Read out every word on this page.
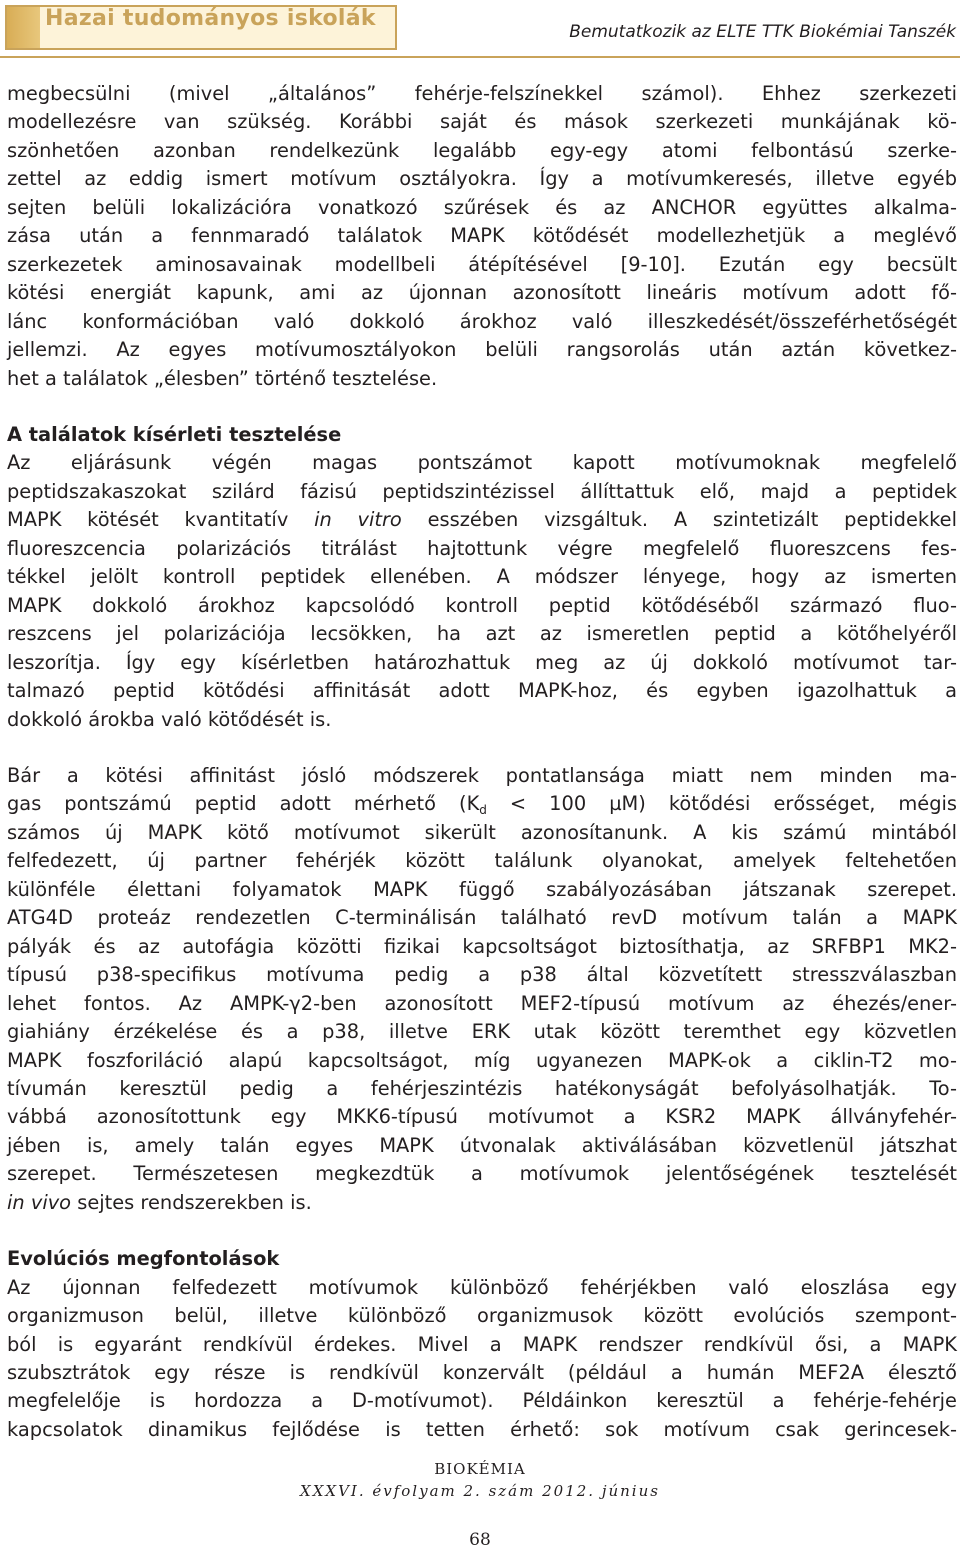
Hazai tudományos iskolák
Bemutatkozik az ELTE TTK Biokémiai Tanszék
megbecsülni (mivel „általános” fehérje-felszínekkel számol). Ehhez szerkezeti
modellezésre van szükség. Korábbi saját és mások szerkezeti munkájának kö-
szönhetően azonban rendelkezünk legalább egy-egy atomi felbontású szerke-
zettel az eddig ismert motívum osztályokra. Így a motívumkeresés, illetve egyéb
sejten belüli lokalizációra vonatkozó szűrések és az ANCHOR együttes alkalma-
zása után a fennmaradó találatok MAPK kötődését modellezhetjük a meglévő
szerkezetek aminosavainak modellbeli átépítésével [9-10]. Ezután egy becsült
kötési energiát kapunk, ami az újonnan azonosított lineáris motívum adott fő-
lánc konformációban való dokkoló árokhoz való illeszkedését/összeférhetőségét
jellemzi. Az egyes motívumosztályokon belüli rangsorolás után aztán következ-
het a találatok „élesben” történő tesztelése.
A találatok kísérleti tesztelése
Az eljárásunk végén magas pontszámot kapott motívumoknak megfelelő
peptidszakaszokat szilárd fázisú peptidszintézissel állíttattuk elő, majd a peptidek
MAPK kötését kvantitatív in vitro esszében vizsgáltuk. A szintetizált peptidekkel
fluoreszcencia polarizációs titrálást hajtottunk végre megfelelő fluoreszcens fes-
tékkel jelölt kontroll peptidek ellenében. A módszer lényege, hogy az ismerten
MAPK dokkoló árokhoz kapcsolódó kontroll peptid kötődéséből származó fluo-
reszcens jel polarizációja lecsökken, ha azt az ismeretlen peptid a kötőhelyéről
leszorítja. Így egy kísérletben határozhattuk meg az új dokkoló motívumot tar-
talmazó peptid kötődési affinitását adott MAPK-hoz, és egyben igazolhattuk a
dokkoló árokba való kötődését is.
Bár a kötési affinitást jósló módszerek pontatlansága miatt nem minden ma-
gas pontszámú peptid adott mérhető ($K_d < 100$ µM) kötődési erősséget, mégis
számos új MAPK kötő motívumot sikerült azonosítanunk. A kis számú mintából
felfedezett, új partner fehérjék között találunk olyanokat, amelyek feltehetően
különféle élettani folyamatok MAPK függő szabályozásában játszanak szerepet.
ATG4D proteáz rendezetlen C-terminálisán található revD motívum talán a MAPK
pályák és az autofágia közötti fizikai kapcsoltságot biztosíthatja, az SRFBP1 MK2-
típusú p38-specifikus motívuma pedig a p38 által közvetített stresszválaszban
lehet fontos. Az AMPK-γ2-ben azonosított MEF2-típusú motívum az éhezés/ener-
giahiány érzékelése és a p38, illetve ERK utak között teremthet egy közvetlen
MAPK foszforiláció alapú kapcsoltságot, míg ugyanezen MAPK-ok a ciklin-T2 mo-
tívumán keresztül pedig a fehérjeszintézis hatékonyságát befolyásolhatják. To-
vábbá azonosítottunk egy MKK6-típusú motívumot a KSR2 MAPK állványfehér-
jében is, amely talán egyes MAPK útvonalak aktiválásában közvetlenül játszhat
szerepet. Természetesen megkezdtük a motívumok jelentőségének tesztelését
in vivo sejtes rendszerekben is.
Evolúciós megfontolások
Az újonnan felfedezett motívumok különböző fehérjékben való eloszlása egy
organizmuson belül, illetve különböző organizmusok között evolúciós szempont-
ból is egyaránt rendkívül érdekes. Mivel a MAPK rendszer rendkívül ősi, a MAPK
szubsztrátok egy része is rendkívül konzervált (például a humán MEF2A élesztő
megfelelője is hordozza a D-motívumot). Példáinkon keresztül a fehérje-fehérje
kapcsolatok dinamikus fejlődése is tetten érhető: sok motívum csak gerincesek-
BIOKÉMIA
XXXVI. évfolyam 2. szám 2012. június
68
